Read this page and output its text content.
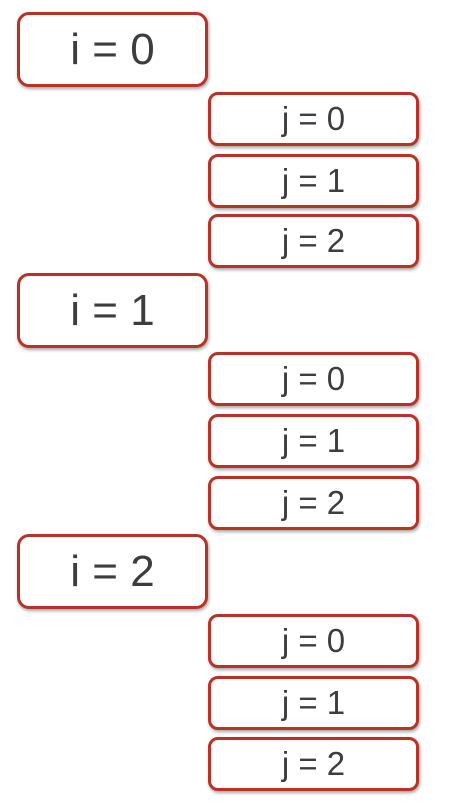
i = 0
j = 0
j = 1
j = 2
i = 1
j = 0
j = 1
j = 2
i = 2
j = 0
j = 1
j = 2
